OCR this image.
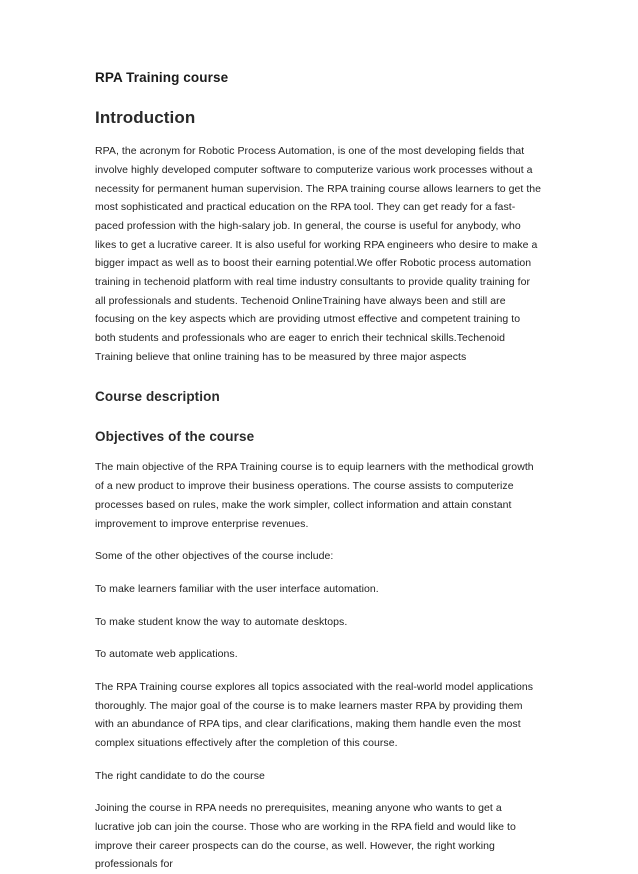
RPA Training course
Introduction

RPA, the acronym for Robotic Process Automation, is one of the most developing fields that involve highly developed computer software to computerize various work processes without a necessity for permanent human supervision. The RPA training course allows learners to get the most sophisticated and practical education on the RPA tool. They can get ready for a fast-paced profession with the high-salary job. In general, the course is useful for anybody, who likes to get a lucrative career. It is also useful for working RPA engineers who desire to make a bigger impact as well as to boost their earning potential.We offer Robotic process automation training in techenoid platform with real time industry consultants to provide quality training for all professionals and students. Techenoid OnlineTraining have always been and still are focusing on the key aspects which are providing utmost effective and competent training to both students and professionals who are eager to enrich their technical skills.Techenoid Training believe that online training has to be measured by three major aspects

Course description
Objectives of the course

The main objective of the RPA Training course is to equip learners with the methodical growth of a new product to improve their business operations. The course assists to computerize processes based on rules, make the work simpler, collect information and attain constant improvement to improve enterprise revenues.

Some of the other objectives of the course include:

To make learners familiar with the user interface automation.

To make student know the way to automate desktops.

To automate web applications.

The RPA Training course explores all topics associated with the real-world model applications thoroughly. The major goal of the course is to make learners master RPA by providing them with an abundance of RPA tips, and clear clarifications, making them handle even the most complex situations effectively after the completion of this course.

The right candidate to do the course

Joining the course in RPA needs no prerequisites, meaning anyone who wants to get a lucrative job can join the course. Those who are working in the RPA field and would like to improve their career prospects can do the course, as well. However, the right working professionals for
